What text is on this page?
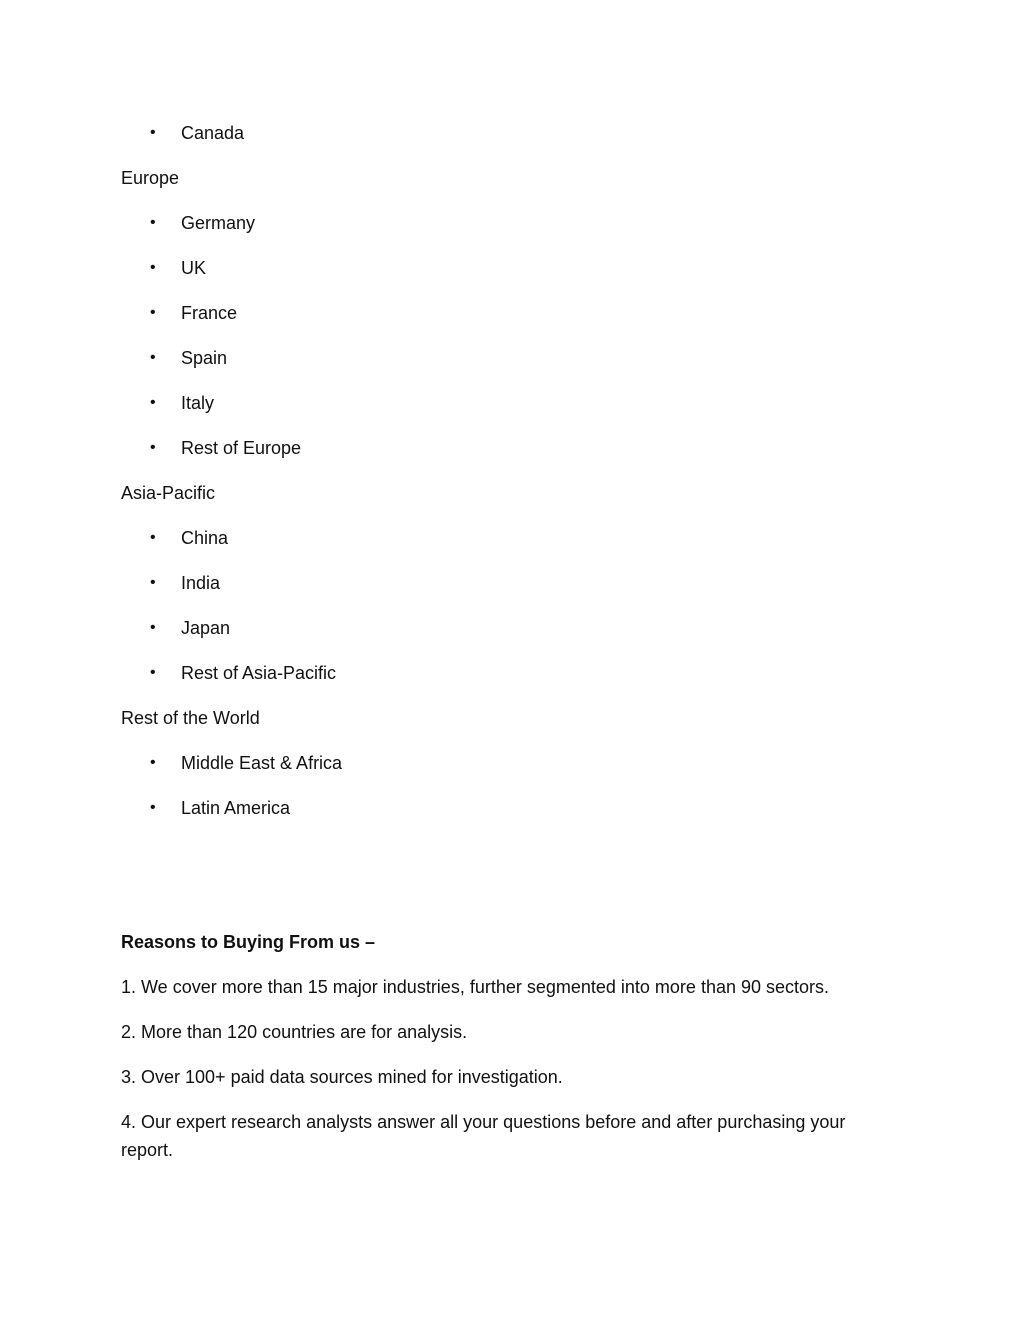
•	Canada
Europe
•	Germany
•	UK
•	France
•	Spain
•	Italy
•	Rest of Europe
Asia-Pacific
•	China
•	India
•	Japan
•	Rest of Asia-Pacific
Rest of the World
•	Middle East & Africa
•	Latin America
Reasons to Buying From us –
1. We cover more than 15 major industries, further segmented into more than 90 sectors.
2. More than 120 countries are for analysis.
3. Over 100+ paid data sources mined for investigation.
4. Our expert research analysts answer all your questions before and after purchasing your report.
